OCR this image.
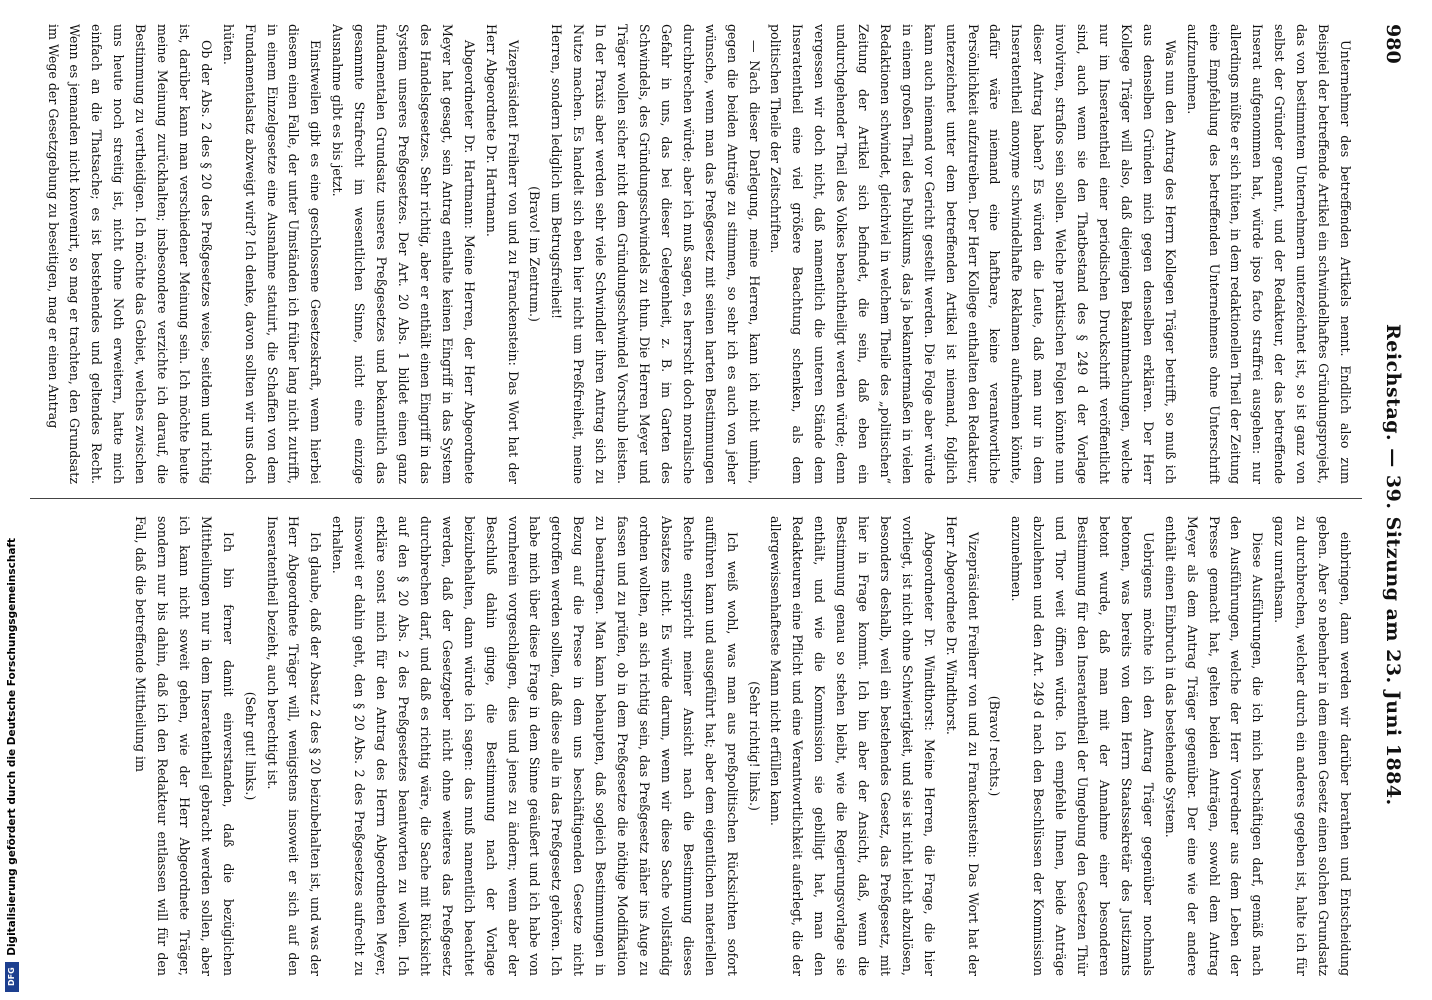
980
Reichstag. — 39. Sitzung am 23. Juni 1884.

Unternehmer des betreffenden Artikels nennt. Endlich also zum Beispiel der betreffende Artikel ein schwindelhaftes Gründungsprojekt, das von bestimmtem Unternehmern unterzeichnet ist, so ist ganz von selbst der Gründer genannt, und der Redakteur, der das betreffende Inserat aufgenommen hat, würde ipso facto straffrei ausgehen: nur allerdings müßte er sich hüten, in dem redaktionellen Theil der Zeitung eine Empfehlung des betreffenden Unternehmens ohne Unterschrift aufzunehmen.

Was nun den Antrag des Herrn Kollegen Träger betrifft, so muß ich aus denselben Gründen mich gegen denselben erklären. Der Herr Kollege Träger will also, daß diejenigen Bekanntmachungen, welche nur im Inseratentheil einer periodischen Druckschrift veröffentlicht sind, auch wenn sie den Thatbestand des § 249 d der Vorlage involviren, straflos sein sollen. Welche praktischen Folgen könnte nun dieser Antrag haben? Es würden die Leute, daß man nur in dem Inseratentheil anonyme schwindelhafte Reklamen aufnehmen könnte, dafür wäre niemand eine haftbare, keine verantwortliche Persönlichkeit aufzutreiben. Der Herr Kollege enthalten den Redakteur, unterzeichnet unter dem betreffenden Artikel ist niemand, folglich kann auch niemand vor Gericht gestellt werden. Die Folge aber würde in einem großen Theil des Publikums, das ja bekanntermaßen in vielen Redaktionen schwindet, gleichviel in welchem Theile des „politischen“ Zeitung der Artikel sich befindet, die sein, daß eben ein undurchgehender Theil des Volkes benachtheiligt werden würde; denn vergessen wir doch nicht, daß namentlich die unteren Stände dem Inseratentheil eine viel größere Beachtung schenken, als dem politischen Theile der Zeitschriften.

— Nach dieser Darlegung, meine Herren, kann ich nicht umhin, gegen die beiden Anträge zu stimmen, so sehr ich es auch von jeher wünsche, wenn man das Preßgesetz mit seinen harten Bestimmungen durchbrechen würde; aber ich muß sagen, es herrscht doch moralische Gefahr in uns, das bei dieser Gelegenheit, z. B. im Garten des Schwindels, des Gründungsschwindels zu thun. Die Herren Meyer und Träger wollen sicher nicht dem Gründungsschwindel Vorschub leisten. In der Praxis aber werden sehr viele Schwindler ihren Antrag sich zu Nutze machen. Es handelt sich eben hier nicht um Preßfreiheit, meine Herren, sondern lediglich um Betrugsfreiheit!

(Bravo! im Zentrum.)

Vizepräsident Freiherr von und zu Franckenstein: Das Wort hat der Herr Abgeordnete Dr. Hartmann.

Abgeordneter Dr. Hartmann: Meine Herren, der Herr Abgeordnete Meyer hat gesagt, sein Antrag enthalte keinen Eingriff in das System des Handelsgesetzes. Sehr richtig, aber er enthält einen Eingriff in das System unseres Preßgesetzes. Der Art. 20 Abs. 1 bildet einen ganz fundamentalen Grundsatz unseres Preßgesetzes und bekanntlich das gesammte Strafrecht im wesentlichen Sinne, nicht eine einzige Ausnahme gibt es bis jetzt.

Einstweilen gibt es eine geschlossene Gesetzeskraft, wenn hierbei diesem einen Falle, der unter Umständen ich früher lang nicht zutrifft, in einem Einzelgesetze eine Ausnahme statuirt, die Schaffen von dem Fundamentalsatz abzweigt wird? Ich denke, davon sollten wir uns doch hüten.

Ob der Abs. 2 des § 20 des Preßgesetzes weise, seitdem und richtig ist, darüber kann man verschiedener Meinung sein. Ich möchte heute meine Meinung zurückhalten; insbesondere verzichte ich darauf, die Bestimmung zu vertheidigen. Ich möchte das Gebiet, welches zwischen uns heute noch streitig ist, nicht ohne Noth erweitern, hatte mich einfach an die Thatsache; es ist bestehendes und geltendes Recht. Wenn es jemanden nicht konvenirt, so mag er trachten, den Grundsatz im Wege der Gesetzgebung zu beseitigen, mag er einen Antrag

einbringen, dann werden wir darüber berathen und Entscheidung geben. Aber so nebenher in dem einen Gesetz einen solchen Grundsatz zu durchbrechen, welcher durch ein anderes gegeben ist, halte ich für ganz unrathsam.

Diese Ausführungen, die ich mich beschäftigen darf, gemäß nach den Ausführungen, welche der Herr Vorredner aus dem Leben der Presse gemacht hat, gelten beiden Anträgen, sowohl dem Antrag Meyer als dem Antrag Träger gegenüber. Der eine wie der andere enthält einen Einbruch in das bestehende System.

Uebrigens möchte ich den Antrag Träger gegenüber nochmals betonen, was bereits von dem Herrn Staatssekretär des Justizamts betont wurde, daß man mit der Annahme einer besonderen Bestimmung für den Inseratentheil der Umgebung den Gesetzen Thür und Thor weit öffnen würde. Ich empfehle Ihnen, beide Anträge abzulehnen und den Art. 249 d nach den Beschlüssen der Kommission anzunehmen.

(Bravo! rechts.)

Vizepräsident Freiherr von und zu Franckenstein: Das Wort hat der Herr Abgeordnete Dr. Windthorst.

Abgeordneter Dr. Windthorst: Meine Herren, die Frage, die hier vorliegt, ist nicht ohne Schwierigkeit, und sie ist nicht leicht abzulösen, besonders deshalb, weil ein bestehendes Gesetz, das Preßgesetz, mit hier in Frage kommt. Ich bin aber der Ansicht, daß, wenn die Bestimmung genau so stehen bleibt, wie die Regierungsvorlage sie enthält, und wie die Kommission sie gebilligt hat, man den Redakteuren eine Pflicht und eine Verantwortlichkeit auferlegt, die der allergewissenhafteste Mann nicht erfüllen kann.

(Sehr richtig! links.)

Ich weiß wohl, was man aus preßpolitischen Rücksichten sofort aufführen kann und ausgeführt hat; aber dem eigentlichen materiellen Rechte entspricht meiner Ansicht nach die Bestimmung dieses Absatzes nicht. Es würde darum, wenn wir diese Sache vollständig ordnen wollten, an sich richtig sein, das Preßgesetz näher ins Auge zu fassen und zu prüfen, ob in dem Preßgesetze die nöthige Modifikation zu beantragen. Man kann behaupten, daß sogleich Bestimmungen in Bezug auf die Presse in dem uns beschäftigenden Gesetze nicht getroffen werden sollten, daß diese alle in das Preßgesetz gehören. Ich habe mich über diese Frage in dem Sinne geäußert und ich habe von vornherein vorgeschlagen, dies und jenes zu ändern; wenn aber der Beschluß dahin ginge, die Bestimmung nach der Vorlage beizubehalten, dann würde ich sagen: das muß namentlich beachtet werden, daß der Gesetzgeber nicht ohne weiteres das Preßgesetz durchbrechen darf, und daß es richtig wäre, die Sache mit Rücksicht auf den § 20 Abs. 2 des Preßgesetzes beantworten zu wollen. Ich erkläre sonst mich für den Antrag des Herrn Abgeordneten Meyer, insoweit er dahin geht, den § 20 Abs. 2 des Preßgesetzes aufrecht zu erhalten.

Ich glaube, daß der Absatz 2 des § 20 beizubehalten ist, und was der Herr Abgeordnete Träger will, wenigstens insoweit er sich auf den Inseratentheil bezieht, auch berechtigt ist.

(Sehr gut! links.)

Ich bin ferner damit einverstanden, daß die bezüglichen Mittheilungen nur in dem Inseratentheil gebracht werden sollen, aber ich kann nicht soweit gehen, wie der Herr Abgeordnete Träger, sondern nur bis dahin, daß ich den Redakteur entlassen will für den Fall, daß die betreffende Mittheilung im

DFG
Digitalisierung gefördert durch die Deutsche Forschungsgemeinschaft
